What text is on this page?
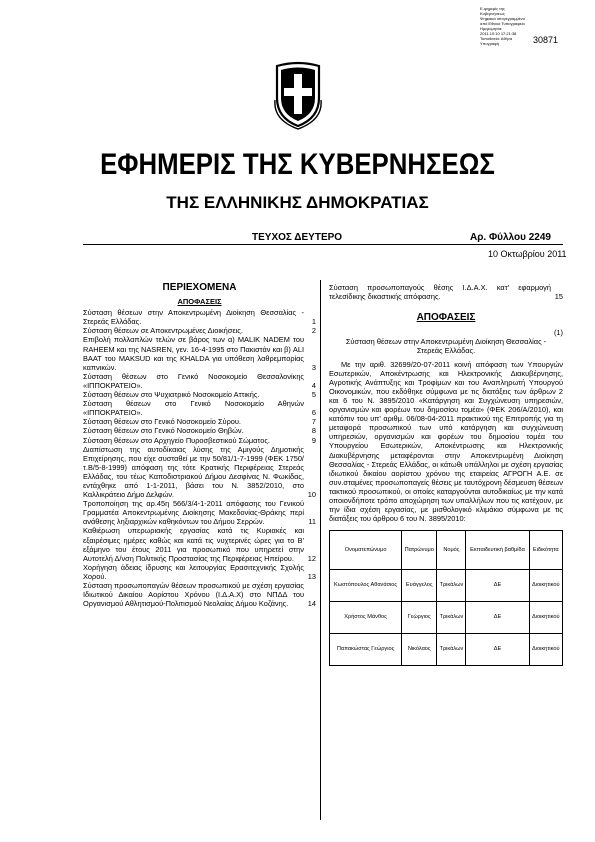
Ε-φημερίς της
Κυβερνήσεως
Ψηφιακά υπογεγραμμένο
από Εθνικό Τυπογραφείο
Ημερομηνία:
2011.10.10 17:21:38
Τοποθεσία: Αθήνα
Υπογραφή	30871
ΕΦΗΜΕΡΙΣ ΤΗΣ ΚΥΒΕΡΝΗΣΕΩΣ
ΤΗΣ ΕΛΛΗΝΙΚΗΣ ΔΗΜΟΚΡΑΤΙΑΣ
ΤΕΥΧΟΣ ΔΕΥΤΕΡΟ	Αρ. Φύλλου 2249
10 Οκτωβρίου 2011
ΠΕΡΙΕΧΟΜΕΝΑ
ΑΠΟΦΑΣΕΙΣ
Σύσταση θέσεων στην Αποκεντρωμένη Διοίκηση Θεσσαλίας - Στερεάς Ελλάδας.	1
Σύσταση θέσεων σε Αποκεντρωμένες Διοικήσεις.	2
Επιβολή πολλαπλών τελών σε βάρος των α) MALIK NADEM του RAHEEM και της NASREN, γεν. 16-4-1995 στο Πακιστάν και β) ALI BAAT του MAKSUD και της KHALDA για υπόθεση λαθρεμπορίας καπνικών.	3
Σύσταση θέσεων στο Γενικό Νοσοκομείο Θεσσαλονίκης «ΙΠΠΟΚΡΑΤΕΙΟ».	4
Σύσταση θέσεων στο Ψυχιατρικό Νοσοκομείο Αττικής.	5
Σύσταση θέσεων στο Γενικό Νοσοκομείο Αθηνών «ΙΠΠΟΚΡΑΤΕΙΟ».	6
Σύσταση θέσεων στο Γενικό Νοσοκομείο Σύρου.	7
Σύσταση θέσεων στο Γενικό Νοσοκομείο Θηβών.	8
Σύσταση θέσεων στο Αρχηγείο Πυροσβεστικού Σώματος.	9
Διαπίστωση της αυτοδίκαιας λύσης της Αμιγούς Δημοτικής Επιχείρησης, που είχε συσταθεί με την 50/81/1-7-1999 (ΦΕΚ 1750/τ.Β/5-8-1999) απόφαση της τότε Κρατικής Περιφέρειας Στερεάς Ελλάδας, του τέως Καποδιστριακού Δήμου Δεσφίνας Ν. Φωκίδας, εντάχθηκε από 1-1-2011, βάσει του Ν. 3852/2010, στο Καλλικράτειο Δήμο Δελφών.	10
Τροποποίηση της αρ.45η 566/3/4-1-2011 απόφασης του Γενικού Γραμματέα Αποκεντρωμένης Διοίκησης Μακεδονίας-Θράκης περί ανάθεσης ληξιαρχικών καθηκόντων του Δήμου Σερρών.	11
Καθιέρωση υπερωριακής εργασίας κατά τις Κυριακές και εξαιρέσιμες ημέρες καθώς και κατά τις νυχτερινές ώρες για το Β' εξάμηνο του έτους 2011 για προσωπικό που υπηρετεί στην Αυτοτελή Δ/νση Πολιτικής Προστασίας της Περιφέρειας Ηπείρου.	12
Χορήγηση άδειας ίδρυσης και λειτουργίας Ερασιτεχνικής Σχολής Χορού.	13
Σύσταση προσωποπαγών θέσεων προσωπικού με σχέση εργασίας Ιδιωτικού Δικαίου Αορίστου Χρόνου (Ι.Δ.Α.Χ) στο ΝΠΔΔ του Οργανισμού Αθλητισμού-Πολιτισμού Νεολαίας Δήμου Κοζάνης.	14
Σύσταση προσωποπαγούς θέσης Ι.Δ.Α.Χ. κατ' εφαρμογή τελεσίδικης δικαστικής απόφασης.	15
ΑΠΟΦΑΣΕΙΣ
(1)
Σύσταση θέσεων στην Αποκεντρωμένη Διοίκηση Θεσσαλίας - Στερεάς Ελλάδας.
Με την αριθ. 32699/20-07-2011 κοινή απόφαση των Υπουργών Εσωτερικών, Αποκέντρωσης και Ηλεκτρονικής Διακυβέρνησης, Αγροτικής Ανάπτυξης και Τροφίμων και του Αναπληρωτή Υπουργού Οικονομικών, που εκδόθηκε σύμφωνα με τις διατάξεις των άρθρων 2 και 6 του Ν. 3895/2010 «Κατάργηση και Συγχώνευση υπηρεσιών, οργανισμών και φορέων του δημοσίου τομέα» (ΦΕΚ 206/Α/2010), και κατόπιν του υπ' αριθμ. 06/08-04-2011 πρακτικού της Επιτροπής για τη μεταφορά προσωπικού των υπό κατάργηση και συγχώνευση υπηρεσιών, οργανισμών και φορέων του δημοσίου τομέα του Υπουργείου Εσωτερικών, Αποκέντρωσης και Ηλεκτρονικής Διακυβέρνησης μεταφέρονται στην Αποκεντρωμένη Διοίκηση Θεσσαλίας - Στερεάς Ελλάδας, οι κάτωθι υπάλληλοι με σχέση εργασίας ιδιωτικού δικαίου αορίστου χρόνου της εταιρείας ΑΓΡΟΓΗ Α.Ε. σε συν.σταμένες προσωποπαγείς θέσεις με ταυτόχρονη δέσμευση θέσεων τακτικού προσωπικού, οι οποίες καταργούνται αυτοδικαίως με την κατά οποιονδήποτε τρόπο αποχώρηση των υπαλλήλων που τις κατέχουν, με την ίδια σχέση εργασίας, με μισθολογικό κλιμάκιο σύμφωνα με τις διατάξεις του άρθρου 6 του Ν. 3895/2010:
Ονοματεπώνυμο	Πατρώνυμο	Νομός	Εκπαιδευτική βαθμίδα	Ειδικότητα
Κωστόπουλος Αθανάσιος	Ευάγγελος	Τρικάλων	ΔΕ	Διοικητικού
Χρήστος Μάνθος	Γεώργιος	Τρικάλων	ΔΕ	Διοικητικού
Παπακώστας Γεώργιος	Νικόλαος	Τρικάλων	ΔΕ	Διοικητικού
